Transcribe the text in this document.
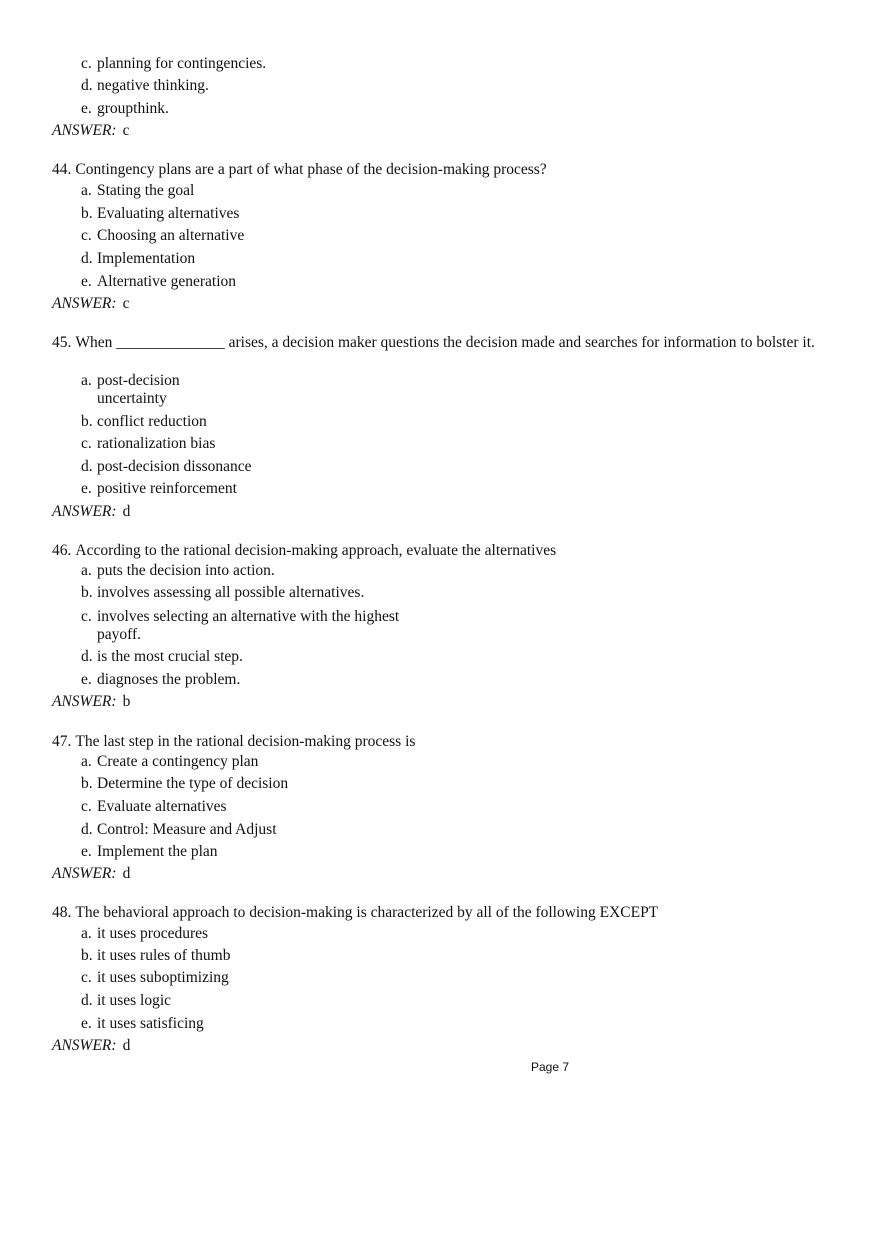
c. planning for contingencies.
d. negative thinking.
e. groupthink.
ANSWER: c
44. Contingency plans are a part of what phase of the decision-making process?
a. Stating the goal
b. Evaluating alternatives
c. Choosing an alternative
d. Implementation
e. Alternative generation
ANSWER: c
45. When ______________ arises, a decision maker questions the decision made and searches for information to bolster it.
a. post-decision uncertainty
b. conflict reduction
c. rationalization bias
d. post-decision dissonance
e. positive reinforcement
ANSWER: d
46. According to the rational decision-making approach, evaluate the alternatives
a. puts the decision into action.
b. involves assessing all possible alternatives.
c. involves selecting an alternative with the highest payoff.
d. is the most crucial step.
e. diagnoses the problem.
ANSWER: b
47. The last step in the rational decision-making process is
a. Create a contingency plan
b. Determine the type of decision
c. Evaluate alternatives
d. Control: Measure and Adjust
e. Implement the plan
ANSWER: d
48. The behavioral approach to decision-making is characterized by all of the following EXCEPT
a. it uses procedures
b. it uses rules of thumb
c. it uses suboptimizing
d. it uses logic
e. it uses satisficing
ANSWER: d
Page 7
